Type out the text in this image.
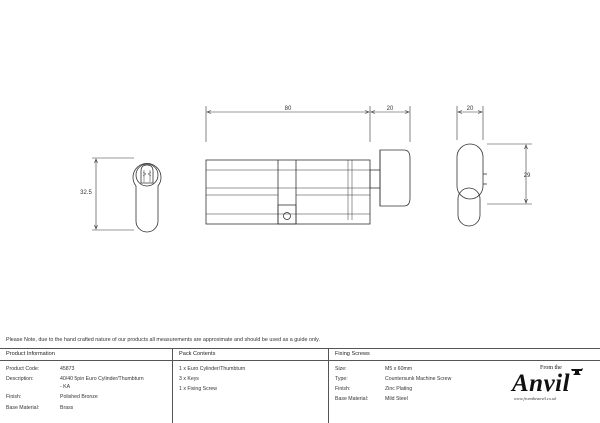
32.5
80	20	20
29
Please Note, due to the hand crafted nature of our products all measurements are approximate and should be used as a guide only.
Product Information
Product Code:	45873
Description:	40/40 5pin Euro Cylinder/Thumbturn
- KA
Finish:	Polished Bronze
Base Material:	Brass
Pack Contents
1 x Euro Cylinder/Thumbturn
3 x Keys
1 x Fixing Screw
Fixing Screws
Size:	M5 x 60mm
Type:	Countersunk Machine Screw
Finish:	Zinc Plating
Base Material:	Mild Steel
From the
Anvil
www.fromtheanvil.co.uk
